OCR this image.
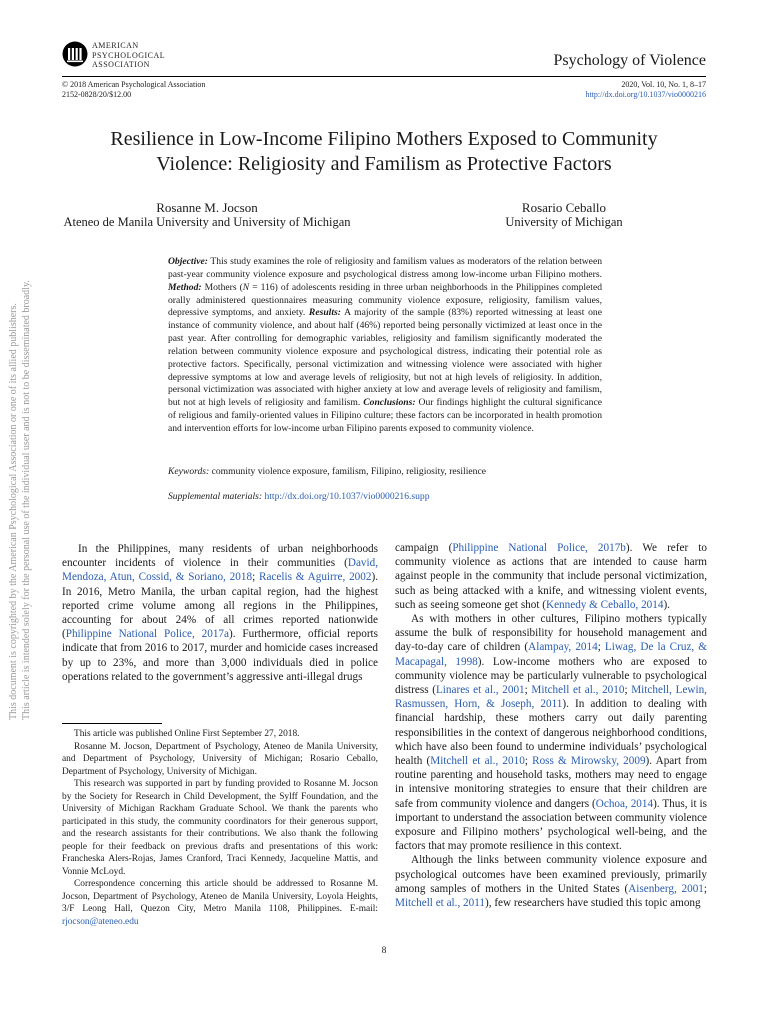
AMERICAN
PSYCHOLOGICAL
ASSOCIATION	Psychology of Violence
© 2018 American Psychological Association
2152-0828/20/$12.00
2020, Vol. 10, No. 1, 8–17
http://dx.doi.org/10.1037/vio0000216
This document is copyrighted by the American Psychological Association or one of its allied publishers. This article is intended solely for the personal use of the individual user and is not to be disseminated broadly.
Resilience in Low-Income Filipino Mothers Exposed to Community
Violence: Religiosity and Familism as Protective Factors
Rosanne M. Jocson
Ateneo de Manila University and University of Michigan
Rosario Ceballo
University of Michigan
Objective: This study examines the role of religiosity and familism values as moderators of the relation between past-year community violence exposure and psychological distress among low-income urban Filipino mothers. Method: Mothers (N = 116) of adolescents residing in three urban neighborhoods in the Philippines completed orally administered questionnaires measuring community violence exposure, religiosity, familism values, depressive symptoms, and anxiety. Results: A majority of the sample (83%) reported witnessing at least one instance of community violence, and about half (46%) reported being personally victimized at least once in the past year. After controlling for demographic variables, religiosity and familism significantly moderated the relation between community violence exposure and psychological distress, indicating their potential role as protective factors. Specifically, personal victimization and witnessing violence were associated with higher depressive symptoms at low and average levels of religiosity, but not at high levels of religiosity. In addition, personal victimization was associated with higher anxiety at low and average levels of religiosity and familism, but not at high levels of religiosity and familism. Conclusions: Our findings highlight the cultural significance of religious and family-oriented values in Filipino culture; these factors can be incorporated in health promotion and intervention efforts for low-income urban Filipino parents exposed to community violence.
Keywords: community violence exposure, familism, Filipino, religiosity, resilience
Supplemental materials: http://dx.doi.org/10.1037/vio0000216.supp

In the Philippines, many residents of urban neighborhoods encounter incidents of violence in their communities (David, Mendoza, Atun, Cossid, & Soriano, 2018; Racelis & Aguirre, 2002). In 2016, Metro Manila, the urban capital region, had the highest reported crime volume among all regions in the Philippines, accounting for about 24% of all crimes reported nationwide (Philippine National Police, 2017a). Furthermore, official reports indicate that from 2016 to 2017, murder and homicide cases increased by up to 23%, and more than 3,000 individuals died in police operations related to the government’s aggressive anti-illegal drugs

This article was published Online First September 27, 2018.

Rosanne M. Jocson, Department of Psychology, Ateneo de Manila University, and Department of Psychology, University of Michigan; Rosario Ceballo, Department of Psychology, University of Michigan.

This research was supported in part by funding provided to Rosanne M. Jocson by the Society for Research in Child Development, the Sylff Foundation, and the University of Michigan Rackham Graduate School. We thank the parents who participated in this study, the community coordinators for their generous support, and the research assistants for their contributions. We also thank the following people for their feedback on previous drafts and presentations of this work: Francheska Alers-Rojas, James Cranford, Traci Kennedy, Jacqueline Mattis, and Vonnie McLoyd.

Correspondence concerning this article should be addressed to Rosanne M. Jocson, Department of Psychology, Ateneo de Manila University, Loyola Heights, 3/F Leong Hall, Quezon City, Metro Manila 1108, Philippines. E-mail: rjocson@ateneo.edu

campaign (Philippine National Police, 2017b). We refer to community violence as actions that are intended to cause harm against people in the community that include personal victimization, such as being attacked with a knife, and witnessing violent events, such as seeing someone get shot (Kennedy & Ceballo, 2014).

As with mothers in other cultures, Filipino mothers typically assume the bulk of responsibility for household management and day-to-day care of children (Alampay, 2014; Liwag, De la Cruz, & Macapagal, 1998). Low-income mothers who are exposed to community violence may be particularly vulnerable to psychological distress (Linares et al., 2001; Mitchell et al., 2010; Mitchell, Lewin, Rasmussen, Horn, & Joseph, 2011). In addition to dealing with financial hardship, these mothers carry out daily parenting responsibilities in the context of dangerous neighborhood conditions, which have also been found to undermine individuals’ psychological health (Mitchell et al., 2010; Ross & Mirowsky, 2009). Apart from routine parenting and household tasks, mothers may need to engage in intensive monitoring strategies to ensure that their children are safe from community violence and dangers (Ochoa, 2014). Thus, it is important to understand the association between community violence exposure and Filipino mothers’ psychological well-being, and the factors that may promote resilience in this context.

Although the links between community violence exposure and psychological outcomes have been examined previously, primarily among samples of mothers in the United States (Aisenberg, 2001; Mitchell et al., 2011), few researchers have studied this topic among

8
